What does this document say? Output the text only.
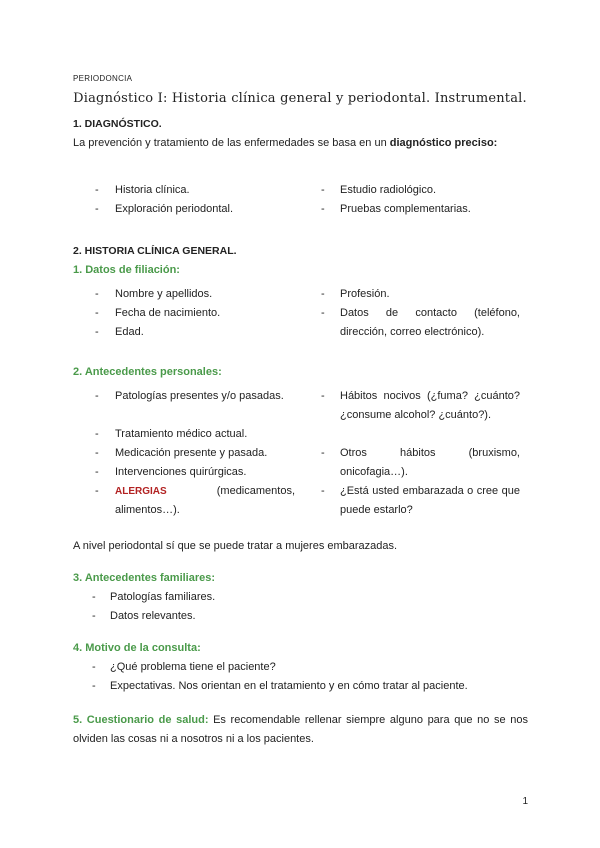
PERIODONCIA
Diagnóstico I: Historia clínica general y periodontal. Instrumental.
1. DIAGNÓSTICO.
La prevención y tratamiento de las enfermedades se basa en un diagnóstico preciso:
- Historia clínica.
- Exploración periodontal.
- Estudio radiológico.
- Pruebas complementarias.
2. HISTORIA CLÍNICA GENERAL.
1. Datos de filiación:
- Nombre y apellidos.
- Fecha de nacimiento.
- Edad.
- Profesión.
- Datos de contacto (teléfono, dirección, correo electrónico).
2. Antecedentes personales:
- Patologías presentes y/o pasadas.
- Tratamiento médico actual.
- Medicación presente y pasada.
- Intervenciones quirúrgicas.
- ALERGIAS (medicamentos, alimentos…).
- Hábitos nocivos (¿fuma? ¿cuánto? ¿consume alcohol? ¿cuánto?).
- Otros hábitos (bruxismo, onicofagia…).
- ¿Está usted embarazada o cree que puede estarlo?
A nivel periodontal sí que se puede tratar a mujeres embarazadas.
3. Antecedentes familiares:
- Patologías familiares.
- Datos relevantes.
4. Motivo de la consulta:
- ¿Qué problema tiene el paciente?
- Expectativas. Nos orientan en el tratamiento y en cómo tratar al paciente.
5. Cuestionario de salud: Es recomendable rellenar siempre alguno para que no se nos olviden las cosas ni a nosotros ni a los pacientes.
1
